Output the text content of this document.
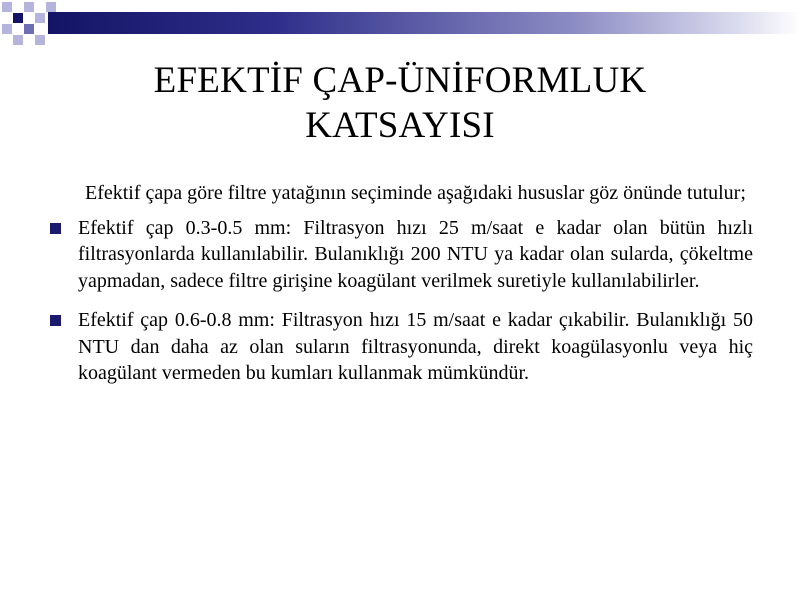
EFEKTİF ÇAP-ÜNİFORMLUK
KATSAYISI

Efektif çapa göre filtre yatağının seçiminde aşağıdaki hususlar göz önünde tutulur;

Efektif çap 0.3-0.5 mm: Filtrasyon hızı 25 m/saat e kadar olan bütün hızlı filtrasyonlarda kullanılabilir. Bulanıklığı 200 NTU ya kadar olan sularda, çökeltme yapmadan, sadece filtre girişine koagülant verilmek suretiyle kullanılabilirler.
Efektif çap 0.6-0.8 mm: Filtrasyon hızı 15 m/saat e kadar çıkabilir. Bulanıklığı 50 NTU dan daha az olan suların filtrasyonunda, direkt koagülasyonlu veya hiç koagülant vermeden bu kumları kullanmak mümkündür.
